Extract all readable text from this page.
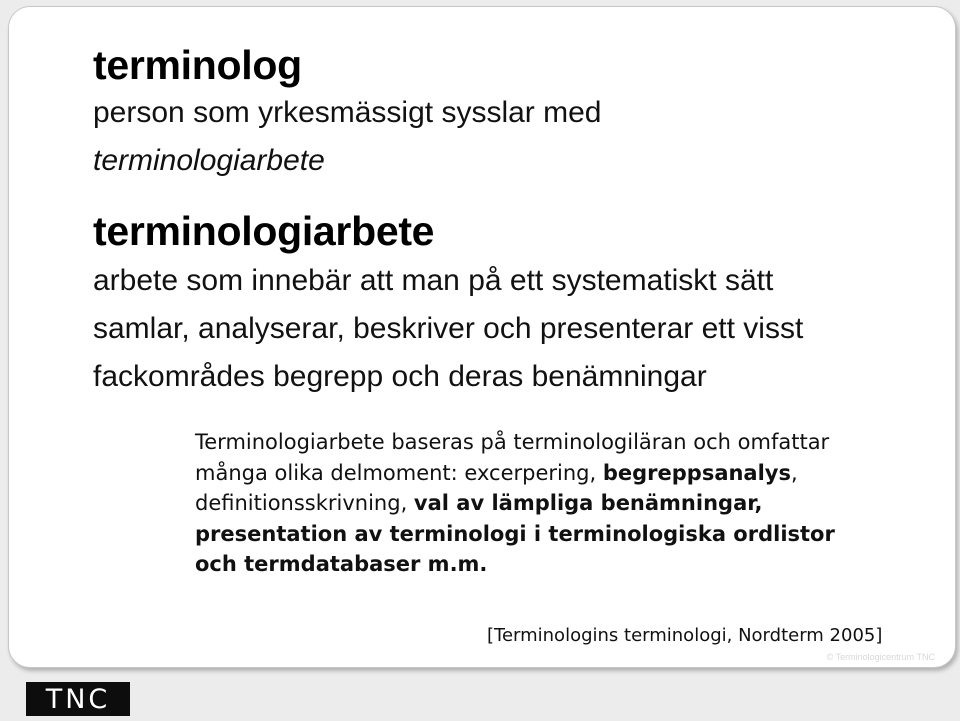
terminolog

person som yrkesmässigt sysslar med
terminologiarbete

terminologiarbete

arbete som innebär att man på ett systematiskt sätt samlar, analyserar, beskriver och presenterar ett visst fackområdes begrepp och deras benämningar

Terminologiarbete baseras på terminologiläran och omfattar många olika delmoment: excerpering, begreppsanalys, definitionsskrivning, val av lämpliga benämningar, presentation av terminologi i terminologiska ordlistor och termdatabaser m.m.

[Terminologins terminologi, Nordterm 2005]

© Terminologicentrum TNC
TNC
